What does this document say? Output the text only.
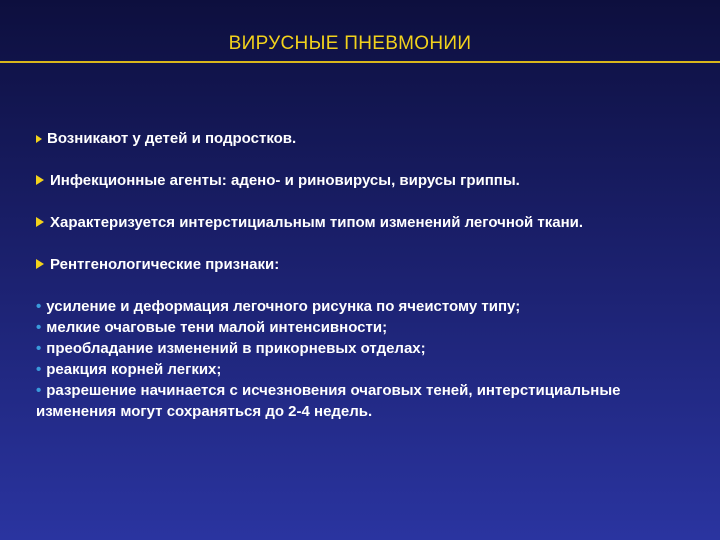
ВИРУСНЫЕ ПНЕВМОНИИ
Возникают у детей и подростков.
Инфекционные агенты: адено- и риновирусы, вирусы гриппы.
Характеризуется интерстициальным типом изменений легочной ткани.
Рентгенологические признаки:
• усиление и деформация легочного рисунка по ячеистому типу;
• мелкие очаговые тени малой интенсивности;
• преобладание изменений в прикорневых отделах;
• реакция корней легких;
• разрешение начинается с исчезновения очаговых теней, интерстициальные изменения могут сохраняться до 2-4 недель.
